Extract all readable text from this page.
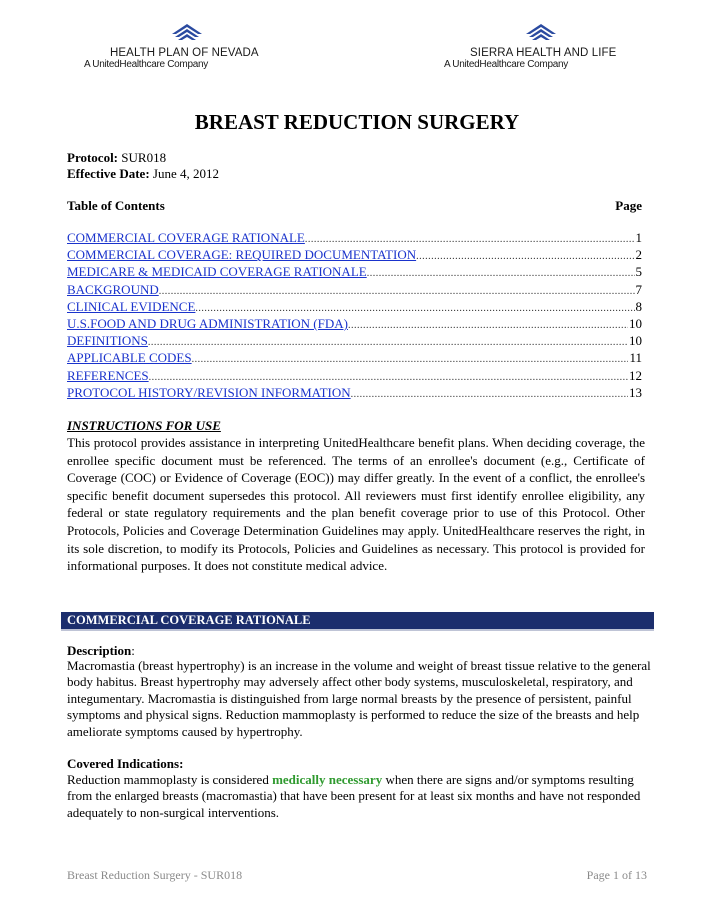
HEALTH PLAN OF NEVADA
A UnitedHealthcare Company
SIERRA HEALTH AND LIFE
A UnitedHealthcare Company
BREAST REDUCTION SURGERY
Protocol: SUR018
Effective Date: June 4, 2012
Table of Contents	Page
COMMERCIAL COVERAGE RATIONALE .....	1
COMMERCIAL COVERAGE: REQUIRED DOCUMENTATION .....	2
MEDICARE & MEDICAID COVERAGE RATIONALE .....	5
BACKGROUND .....	7
CLINICAL EVIDENCE .....	8
U.S.FOOD AND DRUG ADMINISTRATION (FDA) .....	10
DEFINITIONS .....	10
APPLICABLE CODES .....	11
REFERENCES .....	12
PROTOCOL HISTORY/REVISION INFORMATION .....	13
INSTRUCTIONS FOR USE
This protocol provides assistance in interpreting UnitedHealthcare benefit plans. When deciding coverage, the enrollee specific document must be referenced. The terms of an enrollee's document (e.g., Certificate of Coverage (COC) or Evidence of Coverage (EOC)) may differ greatly. In the event of a conflict, the enrollee's specific benefit document supersedes this protocol. All reviewers must first identify enrollee eligibility, any federal or state regulatory requirements and the plan benefit coverage prior to use of this Protocol. Other Protocols, Policies and Coverage Determination Guidelines may apply. UnitedHealthcare reserves the right, in its sole discretion, to modify its Protocols, Policies and Guidelines as necessary. This protocol is provided for informational purposes. It does not constitute medical advice.
COMMERCIAL COVERAGE RATIONALE
Description:
Macromastia (breast hypertrophy) is an increase in the volume and weight of breast tissue relative to the general body habitus. Breast hypertrophy may adversely affect other body systems, musculoskeletal, respiratory, and integumentary. Macromastia is distinguished from large normal breasts by the presence of persistent, painful symptoms and physical signs. Reduction mammoplasty is performed to reduce the size of the breasts and help ameliorate symptoms caused by hypertrophy.
Covered Indications:
Reduction mammoplasty is considered medically necessary when there are signs and/or symptoms resulting from the enlarged breasts (macromastia) that have been present for at least six months and have not responded adequately to non-surgical interventions.
Breast Reduction Surgery - SUR018	Page 1 of 13
